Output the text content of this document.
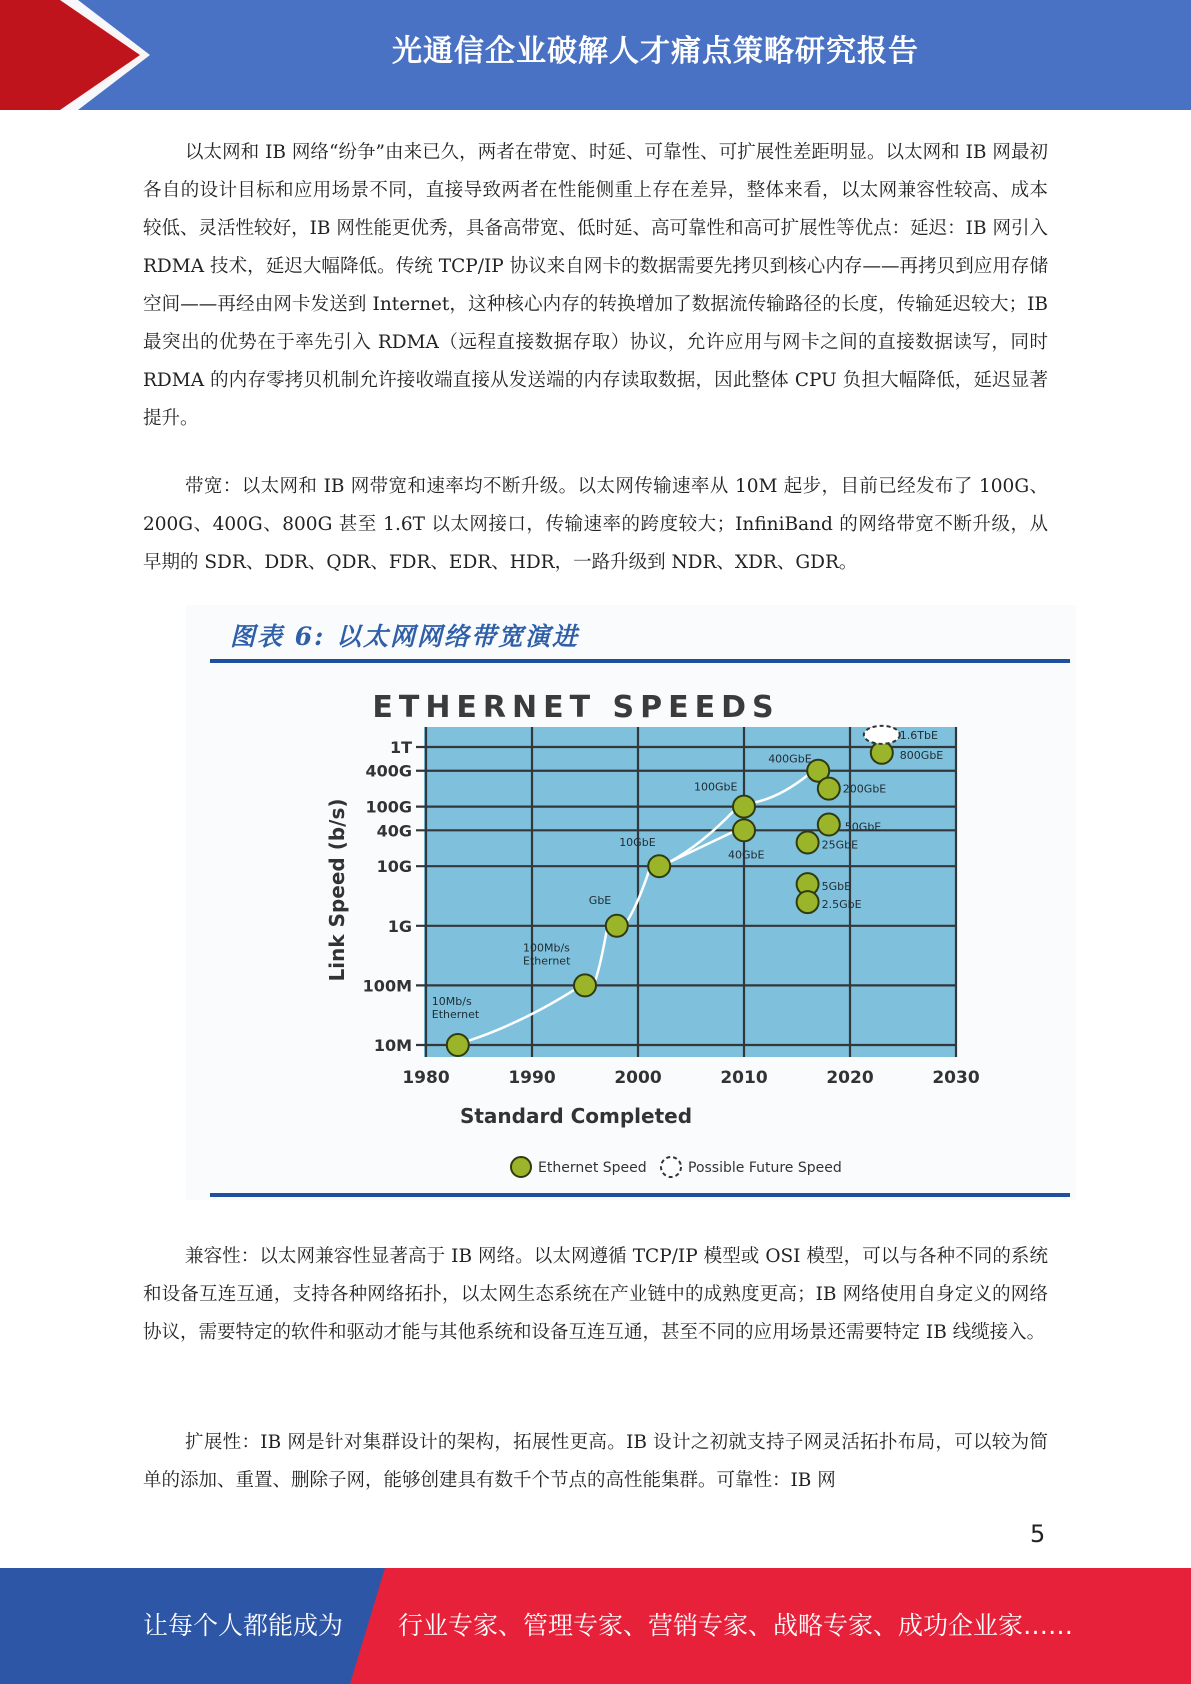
光通信企业破解人才痛点策略研究报告

以太网和 IB 网络“纷争”由来已久，两者在带宽、时延、可靠性、可扩展性差距明显。以太网和 IB 网最初各自的设计目标和应用场景不同，直接导致两者在性能侧重上存在差异，整体来看，以太网兼容性较高、成本较低、灵活性较好，IB 网性能更优秀，具备高带宽、低时延、高可靠性和高可扩展性等优点：延迟：IB 网引入 RDMA 技术，延迟大幅降低。传统 TCP/IP 协议来自网卡的数据需要先拷贝到核心内存——再拷贝到应用存储空间——再经由网卡发送到 Internet，这种核心内存的转换增加了数据流传输路径的长度，传输延迟较大；IB 最突出的优势在于率先引入 RDMA（远程直接数据存取）协议，允许应用与网卡之间的直接数据读写，同时 RDMA 的内存零拷贝机制允许接收端直接从发送端的内存读取数据，因此整体 CPU 负担大幅降低，延迟显著提升。

带宽：以太网和 IB 网带宽和速率均不断升级。以太网传输速率从 10M 起步，目前已经发布了 100G、200G、400G、800G 甚至 1.6T 以太网接口，传输速率的跨度较大；InfiniBand 的网络带宽不断升级，从早期的 SDR、DDR、QDR、FDR、EDR、HDR，一路升级到 NDR、XDR、GDR。

图表 6: 以太网网络带宽演进
ETHERNET SPEEDS
10M
100M
1G
10G
40G
100G
400G
1T
1980	1990	2000	2010	2020	2030
Standard Completed
Link Speed (b/s)
10Mb/s
Ethernet
100Mb/s
Ethernet
GbE
10GbE
40GbE
100GbE
400GbE
200GbE
50GbE
25GbE
5GbE
2.5GbE
800GbE
1.6TbE
Ethernet Speed	Possible Future Speed

兼容性：以太网兼容性显著高于 IB 网络。以太网遵循 TCP/IP 模型或 OSI 模型，可以与各种不同的系统和设备互连互通，支持各种网络拓扑，以太网生态系统在产业链中的成熟度更高；IB 网络使用自身定义的网络协议，需要特定的软件和驱动才能与其他系统和设备互连互通，甚至不同的应用场景还需要特定 IB 线缆接入。

扩展性：IB 网是针对集群设计的架构，拓展性更高。IB 设计之初就支持子网灵活拓扑布局，可以较为简单的添加、重置、删除子网，能够创建具有数千个节点的高性能集群。可靠性：IB 网

5
让每个人都能成为 行业专家、管理专家、营销专家、战略专家、成功企业家……
